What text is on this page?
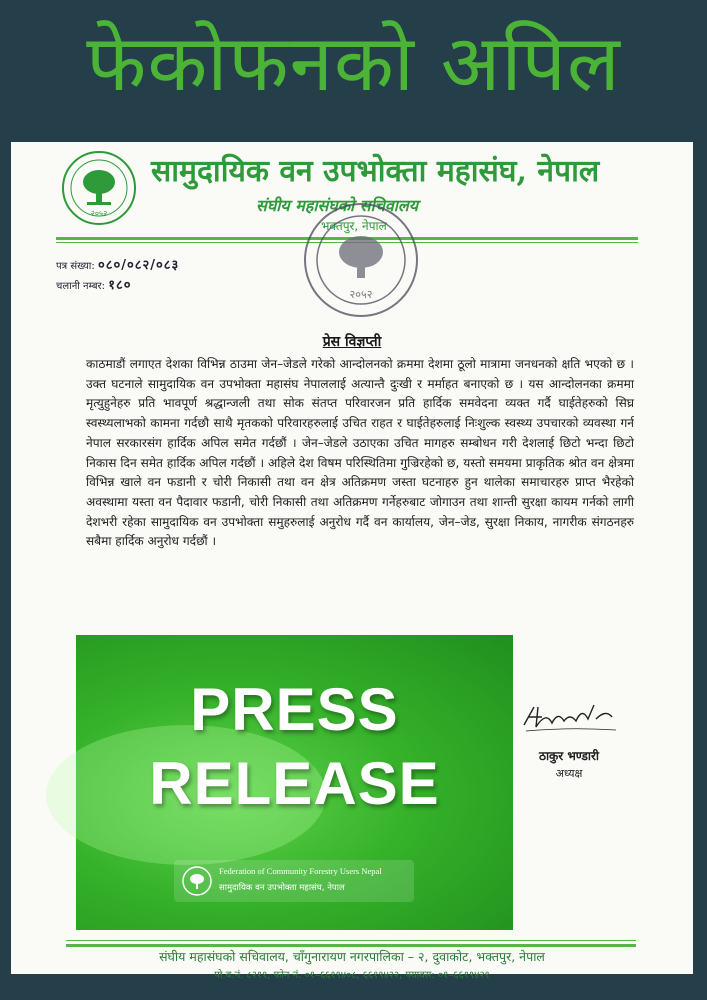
फेकोफनको अपिल
२०५२
सामुदायिक वन उपभोक्ता महासंघ, नेपाल
संघीय महासंघको सचिवालय
भक्तपुर, नेपाल
२०५२
पत्र संख्या: ०८०/०८२/०८३
चलानी नम्बर: १८०
प्रेस विज्ञप्ती
काठमाडौं लगाएत देशका विभिन्न ठाउमा जेन–जेडले गरेको आन्दोलनको क्रममा देशमा ठूलो मात्रामा जनधनको क्षति भएको छ । उक्त घटनाले सामुदायिक वन उपभोक्ता महासंघ नेपाललाई अत्यान्तै दुःखी र मर्माहत बनाएको छ । यस आन्दोलनका क्रममा मृत्युहुनेहरु प्रति भावपूर्ण श्रद्धान्जली तथा सोक संतप्त परिवारजन प्रति हार्दिक समवेदना व्यक्त गर्दै घाईतेहरुको सिघ्र स्वस्थ्यलाभको कामना गर्दछौ साथै मृतकको परिवारहरुलाई उचित राहत र घाईतेहरुलाई निःशुल्क स्वस्थ्य उपचारको व्यवस्था गर्न नेपाल सरकारसंग हार्दिक अपिल समेत गर्दछौं । जेन–जेडले उठाएका उचित मागहरु सम्बोधन गरी देशलाई छिटो भन्दा छिटो निकास दिन समेत हार्दिक अपिल गर्दछौं । अहिले देश विषम परिस्थितिमा गुज्रिरहेको छ, यस्तो समयमा प्राकृतिक श्रोत वन क्षेत्रमा विभिन्न खाले वन फडानी र चोरी निकासी तथा वन क्षेत्र अतिक्रमण जस्ता घटनाहरु हुन थालेका समाचारहरु प्राप्त भैरहेको अवस्थामा यस्ता वन पैदावार फडानी, चोरी निकासी तथा अतिक्रमण गर्नेहरुबाट जोगाउन तथा शान्ती सुरक्षा कायम गर्नको लागी देशभरी रहेका सामुदायिक वन उपभोक्ता समुहरुलाई अनुरोध गर्दै वन कार्यालय, जेन–जेड, सुरक्षा निकाय, नागरीक संगठनहरु सबैमा हार्दिक अनुरोध गर्दछौं ।
PRESS
RELEASE
Federation of Community Forestry Users Nepal
सामुदायिक वन उपभोक्ता महासंघ, नेपाल
ठाकुर भण्डारी
अध्यक्ष
संघीय महासंघको सचिवालय, चाँगुनारायण नगरपालिका – २, दुवाकोट, भक्तपुर, नेपाल
पो.ब.नं. ८२११, फोन नं. ०१–६६१९४०८, ६६१९४२२, फ्याक्स: ०१–६६१९४२१
